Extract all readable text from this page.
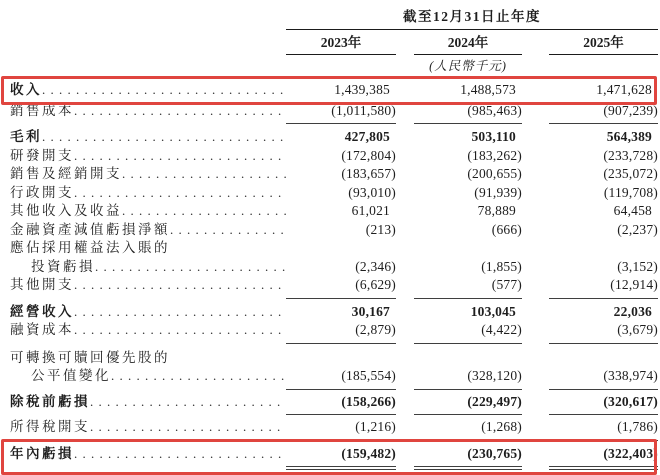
截至12月31日止年度
2023年	2024年	2025年
(人民幣千元)
收入 . . .	1,439,385	1,488,573	1,471,628
銷售成本 . . .	(1,011,580)	(985,463)	(907,239)
毛利 . . .	427,805	503,110	564,389
研發開支 . . .	(172,804)	(183,262)	(233,728)
銷售及經銷開支 . . .	(183,657)	(200,655)	(235,072)
行政開支 . . .	(93,010)	(91,939)	(119,708)
其他收入及收益 . . .	61,021	78,889	64,458
金融資產減值虧損淨額 . . .	(213)	(666)	(2,237)
應佔採用權益法入賬的
投資虧損 . . .	(2,346)	(1,855)	(3,152)
其他開支 . . .	(6,629)	(577)	(12,914)
經營收入 . . .	30,167	103,045	22,036
融資成本 . . .	(2,879)	(4,422)	(3,679)
可轉換可贖回優先股的
公平值變化 . . .	(185,554)	(328,120)	(338,974)
除稅前虧損 . . .	(158,266)	(229,497)	(320,617)
所得稅開支 . . .	(1,216)	(1,268)	(1,786)
年內虧損 . . .	(159,482)	(230,765)	(322,403)
